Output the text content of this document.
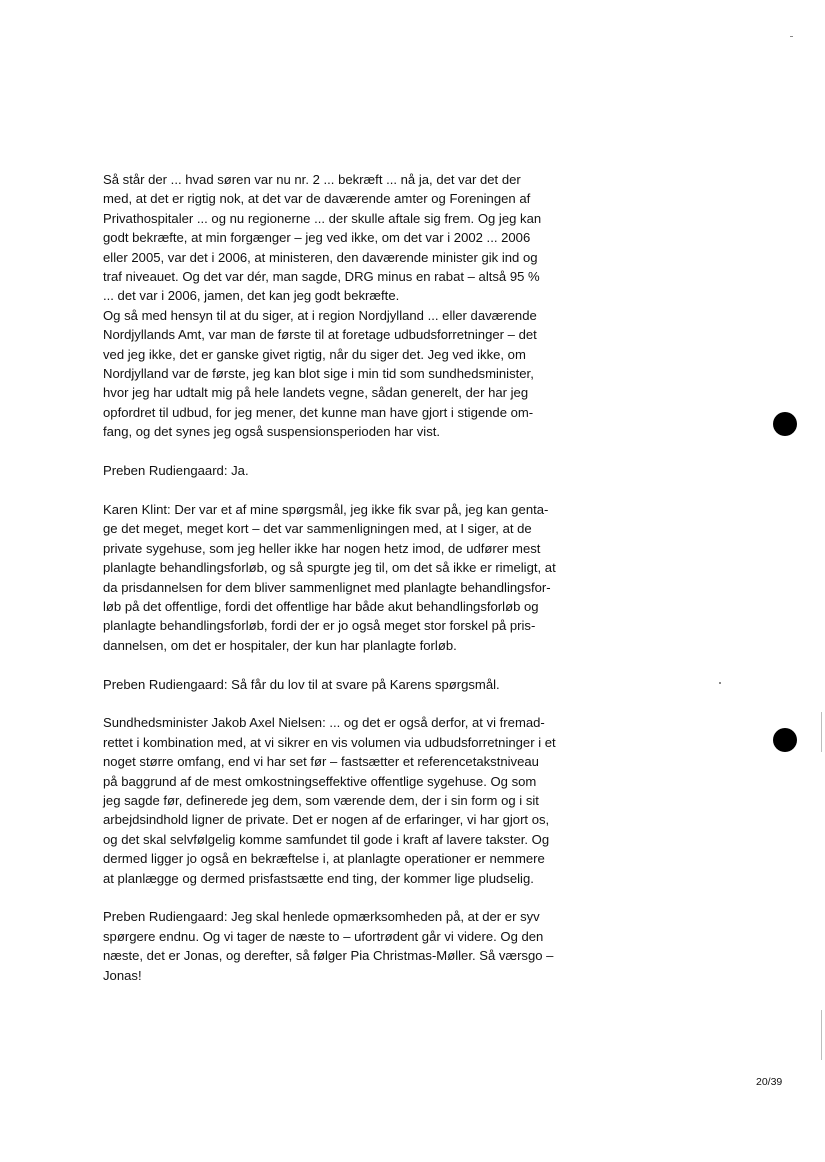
Så står der ... hvad søren var nu nr. 2 ... bekræft ... nå ja, det var det der
med, at det er rigtig nok, at det var de daværende amter og Foreningen af
Privathospitaler ... og nu regionerne ... der skulle aftale sig frem. Og jeg kan
godt bekræfte, at min forgænger – jeg ved ikke, om det var i 2002 ... 2006
eller 2005, var det i 2006, at ministeren, den daværende minister gik ind og
traf niveauet. Og det var dér, man sagde, DRG minus en rabat – altså 95 %
... det var i 2006, jamen, det kan jeg godt bekræfte.
Og så med hensyn til at du siger, at i region Nordjylland ... eller daværende
Nordjyllands Amt, var man de første til at foretage udbudsforretninger – det
ved jeg ikke, det er ganske givet rigtig, når du siger det. Jeg ved ikke, om
Nordjylland var de første, jeg kan blot sige i min tid som sundhedsminister,
hvor jeg har udtalt mig på hele landets vegne, sådan generelt, der har jeg
opfordret til udbud, for jeg mener, det kunne man have gjort i stigende om-
fang, og det synes jeg også suspensionsperioden har vist.

Preben Rudiengaard: Ja.

Karen Klint: Der var et af mine spørgsmål, jeg ikke fik svar på, jeg kan genta-
ge det meget, meget kort – det var sammenligningen med, at I siger, at de
private sygehuse, som jeg heller ikke har nogen hetz imod, de udfører mest
planlagte behandlingsforløb, og så spurgte jeg til, om det så ikke er rimeligt, at
da prisdannelsen for dem bliver sammenlignet med planlagte behandlingsfor-
løb på det offentlige, fordi det offentlige har både akut behandlingsforløb og
planlagte behandlingsforløb, fordi der er jo også meget stor forskel på pris-
dannelsen, om det er hospitaler, der kun har planlagte forløb.

Preben Rudiengaard: Så får du lov til at svare på Karens spørgsmål.

Sundhedsminister Jakob Axel Nielsen: ... og det er også derfor, at vi fremad-
rettet i kombination med, at vi sikrer en vis volumen via udbudsforretninger i et
noget større omfang, end vi har set før – fastsætter et referencetakstniveau
på baggrund af de mest omkostningseffektive offentlige sygehuse. Og som
jeg sagde før, definerede jeg dem, som værende dem, der i sin form og i sit
arbejdsindhold ligner de private. Det er nogen af de erfaringer, vi har gjort os,
og det skal selvfølgelig komme samfundet til gode i kraft af lavere takster. Og
dermed ligger jo også en bekræftelse i, at planlagte operationer er nemmere
at planlægge og dermed prisfastsætte end ting, der kommer lige pludselig.

Preben Rudiengaard: Jeg skal henlede opmærksomheden på, at der er syv
spørgere endnu. Og vi tager de næste to – ufortrødent går vi videre. Og den
næste, det er Jonas, og derefter, så følger Pia Christmas-Møller. Så værsgo –
Jonas!

20/39
